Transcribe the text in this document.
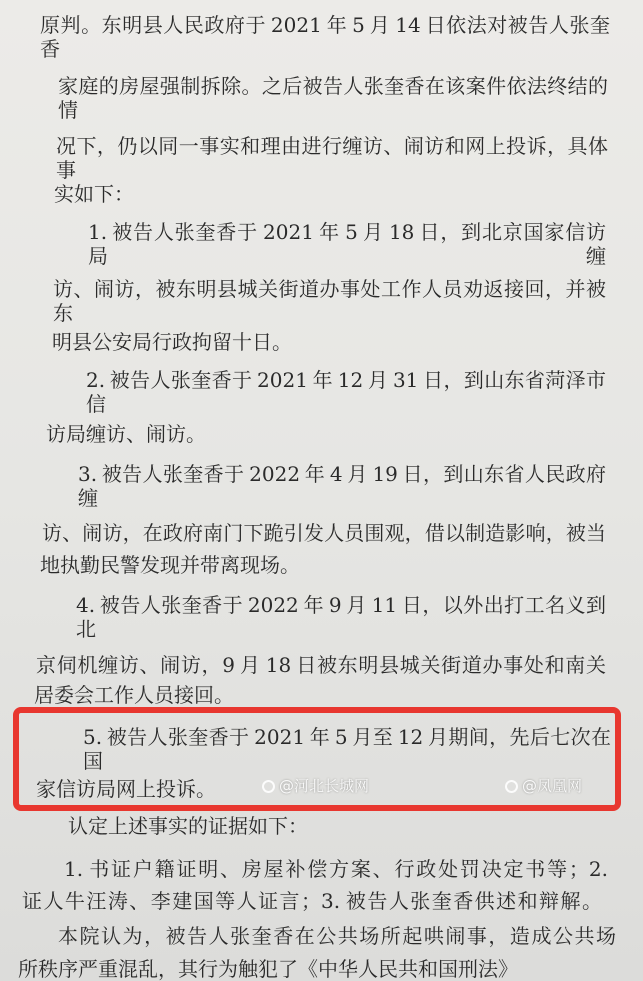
原判。东明县人民政府于 2021 年 5 月 14 日依法对被告人张奎香
家庭的房屋强制拆除。之后被告人张奎香在该案件依法终结的情
况下，仍以同一事实和理由进行缠访、闹访和网上投诉，具体事
实如下：
1. 被告人张奎香于 2021 年 5 月 18 日，到北京国家信访局缠
访、闹访，被东明县城关街道办事处工作人员劝返接回，并被东
明县公安局行政拘留十日。
2. 被告人张奎香于 2021 年 12 月 31 日，到山东省菏泽市信
访局缠访、闹访。
3. 被告人张奎香于 2022 年 4 月 19 日，到山东省人民政府缠
访、闹访，在政府南门下跪引发人员围观，借以制造影响，被当
地执勤民警发现并带离现场。
4. 被告人张奎香于 2022 年 9 月 11 日，以外出打工名义到北
京伺机缠访、闹访，9 月 18 日被东明县城关街道办事处和南关
居委会工作人员接回。
5. 被告人张奎香于 2021 年 5 月至 12 月期间，先后七次在国
家信访局网上投诉。
认定上述事实的证据如下：
1. 书证户籍证明、房屋补偿方案、行政处罚决定书等；2.
证人牛汪涛、李建国等人证言；3. 被告人张奎香供述和辩解。
本院认为，被告人张奎香在公共场所起哄闹事，造成公共场
所秩序严重混乱，其行为触犯了《中华人民共和国刑法》
@河北长城网	@凤凰网
